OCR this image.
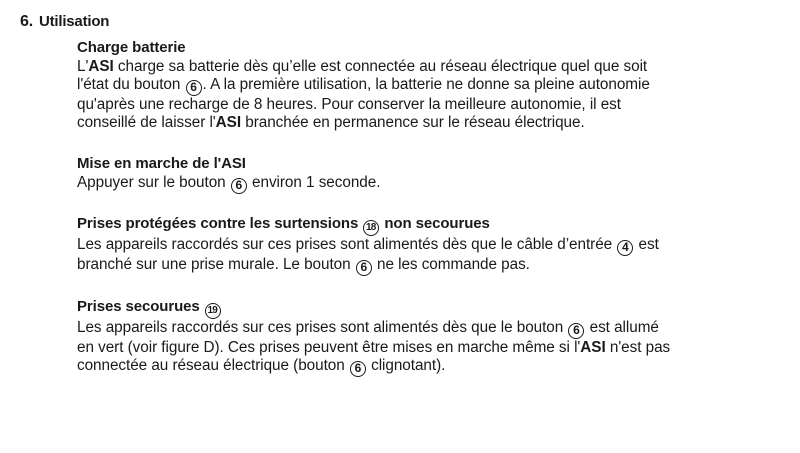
6. Utilisation
Charge batterie

L'ASI charge sa batterie dès qu’elle est connectée au réseau électrique quel que soit
l'état du bouton 6 . A la première utilisation, la batterie ne donne sa pleine autonomie
qu'après une recharge de 8 heures. Pour conserver la meilleure autonomie, il est
conseillé de laisser l'ASI branchée en permanence sur le réseau électrique.

Mise en marche de l'ASI

Appuyer sur le bouton 6 environ 1 seconde.

Prises protégées contre les surtensions 18 non secourues

Les appareils raccordés sur ces prises sont alimentés dès que le câble d’entrée 4 est
branché sur une prise murale. Le bouton 6 ne les commande pas.

Prises secourues 19

Les appareils raccordés sur ces prises sont alimentés dès que le bouton 6 est allumé
en vert (voir figure D). Ces prises peuvent être mises en marche même si l'ASI n'est pas
connectée au réseau électrique (bouton 6 clignotant).
